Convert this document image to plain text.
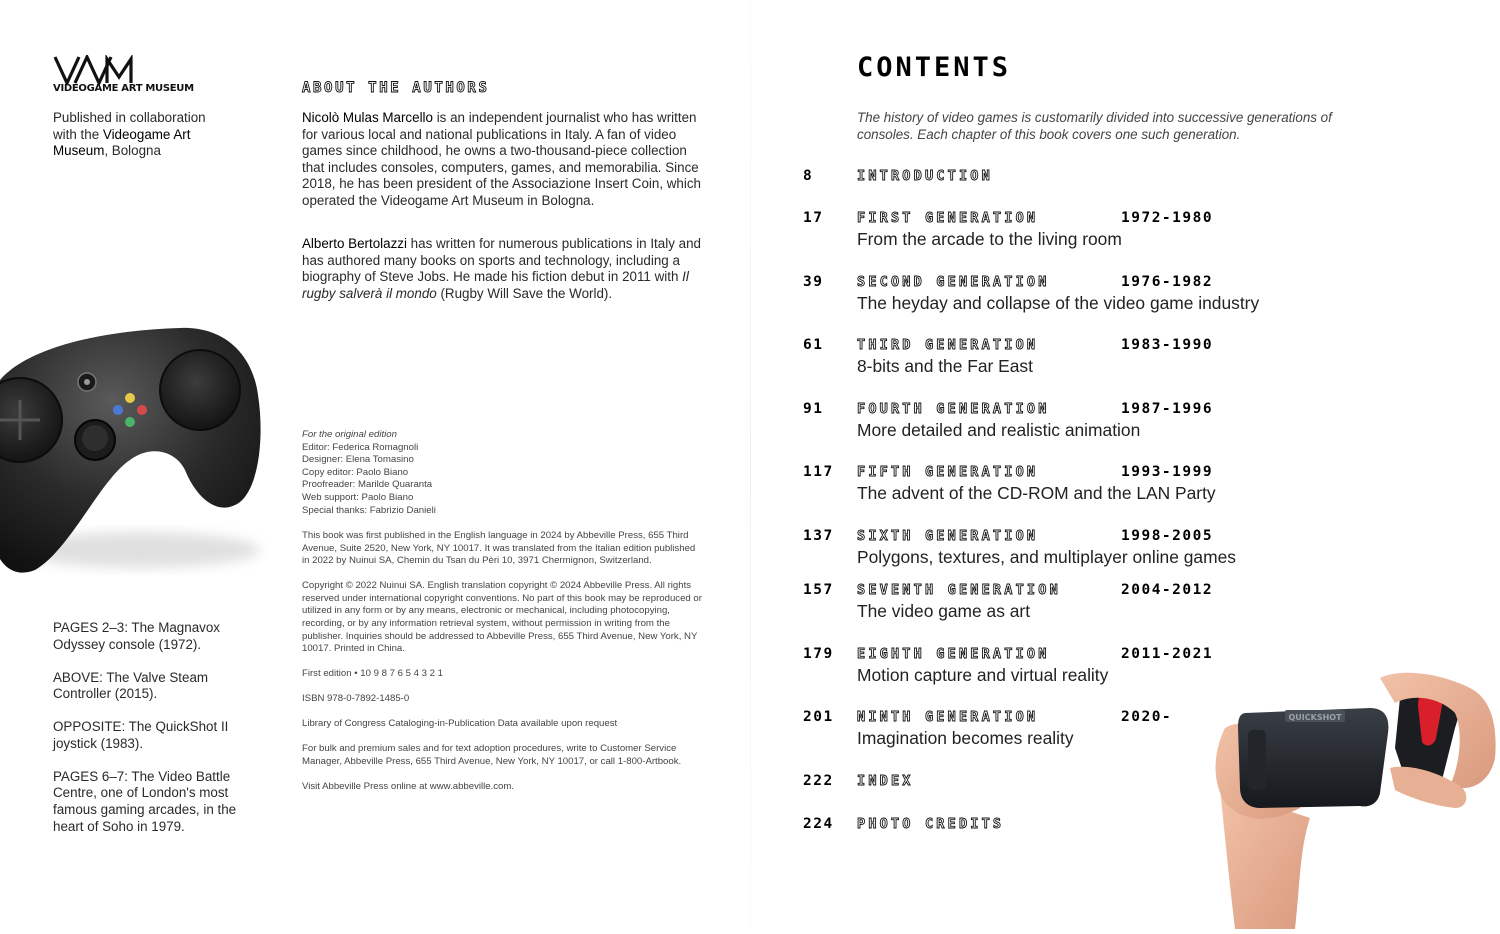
VIDEOGAME ART MUSEUM
Published in collaboration
with the Videogame Art
Museum, Bologna
ABOUT THE AUTHORS
Nicolò Mulas Marcello is an independent journalist who has written for various local and national publications in Italy. A fan of video games since childhood, he owns a two-thousand-piece collection that includes consoles, computers, games, and memorabilia. Since 2018, he has been president of the Associazione Insert Coin, which operated the Videogame Art Museum in Bologna.
Alberto Bertolazzi has written for numerous publications in Italy and has authored many books on sports and technology, including a biography of Steve Jobs. He made his fiction debut in 2011 with Il rugby salverà il mondo (Rugby Will Save the World).
For the original edition
Editor: Federica Romagnoli
Designer: Elena Tomasino
Copy editor: Paolo Biano
Proofreader: Marilde Quaranta
Web support: Paolo Biano
Special thanks: Fabrizio Danieli

This book was first published in the English language in 2024 by Abbeville Press, 655 Third Avenue, Suite 2520, New York, NY 10017. It was translated from the Italian edition published in 2022 by Nuinui SA, Chemin du Tsan du Pèri 10, 3971 Chermignon, Switzerland.

Copyright © 2022 Nuinui SA. English translation copyright © 2024 Abbeville Press. All rights reserved under international copyright conventions. No part of this book may be reproduced or utilized in any form or by any means, electronic or mechanical, including photocopying, recording, or by any information retrieval system, without permission in writing from the publisher. Inquiries should be addressed to Abbeville Press, 655 Third Avenue, New York, NY 10017. Printed in China.

First edition • 10 9 8 7 6 5 4 3 2 1

ISBN 978-0-7892-1485-0

Library of Congress Cataloging-in-Publication Data available upon request

For bulk and premium sales and for text adoption procedures, write to Customer Service Manager, Abbeville Press, 655 Third Avenue, New York, NY 10017, or call 1-800-Artbook.

Visit Abbeville Press online at www.abbeville.com.

PAGES 2–3: The Magnavox Odyssey console (1972).

ABOVE: The Valve Steam Controller (2015).

OPPOSITE: The QuickShot II joystick (1983).

PAGES 6–7: The Video Battle Centre, one of London's most famous gaming arcades, in the heart of Soho in 1979.

CONTENTS
The history of video games is customarily divided into successive generations of consoles. Each chapter of this book covers one such generation.
8	INTRODUCTION
17 FIRST GENERATION	1972-1980
From the arcade to the living room
39 SECOND GENERATION	1976-1982
The heyday and collapse of the video game industry
61 THIRD GENERATION	1983-1990
8-bits and the Far East
91 FOURTH GENERATION	1987-1996
More detailed and realistic animation
117 FIFTH GENERATION	1993-1999
The advent of the CD-ROM and the LAN Party
137 SIXTH GENERATION	1998-2005
Polygons, textures, and multiplayer online games
157 SEVENTH GENERATION	2004-2012
The video game as art
179 EIGHTH GENERATION	2011-2021
Motion capture and virtual reality
201 NINTH GENERATION	2020-
Imagination becomes reality
222 INDEX
224 PHOTO CREDITS
QUICKSHOT
